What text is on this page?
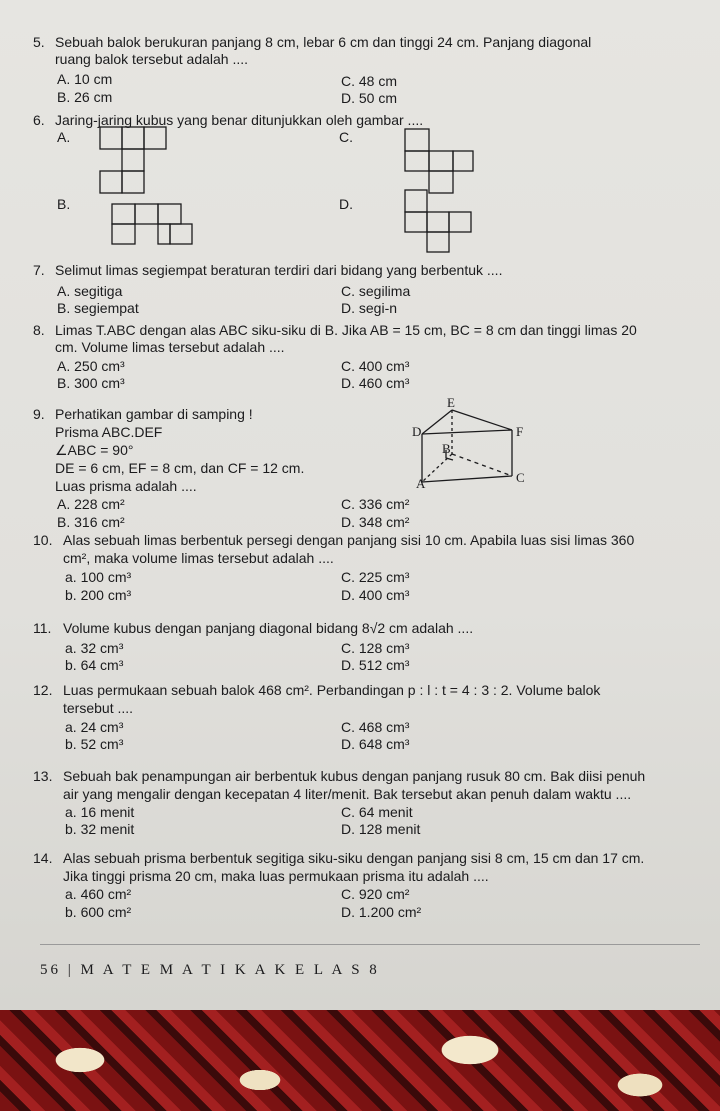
5. Sebuah balok berukuran panjang 8 cm, lebar 6 cm dan tinggi 24 cm. Panjang diagonal
ruang balok tersebut adalah ....
A. 10 cm
B. 26 cm
C. 48 cm
D. 50 cm
6. Jaring-jaring kubus yang benar ditunjukkan oleh gambar ....
A.
B.
C.
D.
7. Selimut limas segiempat beraturan terdiri dari bidang yang berbentuk ....
A. segitiga
B. segiempat
C. segilima
D. segi-n
8. Limas T.ABC dengan alas ABC siku-siku di B. Jika AB = 15 cm, BC = 8 cm dan tinggi limas 20
cm. Volume limas tersebut adalah ....
A. 250 cm³
B. 300 cm³
C. 400 cm³
D. 460 cm³
9. Perhatikan gambar di samping !
Prisma ABC.DEF
∠ABC = 90°
DE = 6 cm, EF = 8 cm, dan CF = 12 cm.
Luas prisma adalah ....
A. 228 cm²
B. 316 cm²
C. 336 cm²
D. 348 cm²
E
D	F
B
A	C
10. Alas sebuah limas berbentuk persegi dengan panjang sisi 10 cm. Apabila luas sisi limas 360
cm², maka volume limas tersebut adalah ....
a. 100 cm³
b. 200 cm³
C. 225 cm³
D. 400 cm³
11. Volume kubus dengan panjang diagonal bidang 8√2 cm adalah ....
a. 32 cm³
b. 64 cm³
C. 128 cm³
D. 512 cm³
12. Luas permukaan sebuah balok 468 cm². Perbandingan p : l : t = 4 : 3 : 2. Volume balok
tersebut ....
a. 24 cm³
b. 52 cm³
C. 468 cm³
D. 648 cm³
13. Sebuah bak penampungan air berbentuk kubus dengan panjang rusuk 80 cm. Bak diisi penuh
air yang mengalir dengan kecepatan 4 liter/menit. Bak tersebut akan penuh dalam waktu ....
a. 16 menit
b. 32 menit
C. 64 menit
D. 128 menit
14. Alas sebuah prisma berbentuk segitiga siku-siku dengan panjang sisi 8 cm, 15 cm dan 17 cm.
Jika tinggi prisma 20 cm, maka luas permukaan prisma itu adalah ....
a. 460 cm²
b. 600 cm²
C. 920 cm²
D. 1.200 cm²
56 | M A T E M A T I K A K E L A S 8
